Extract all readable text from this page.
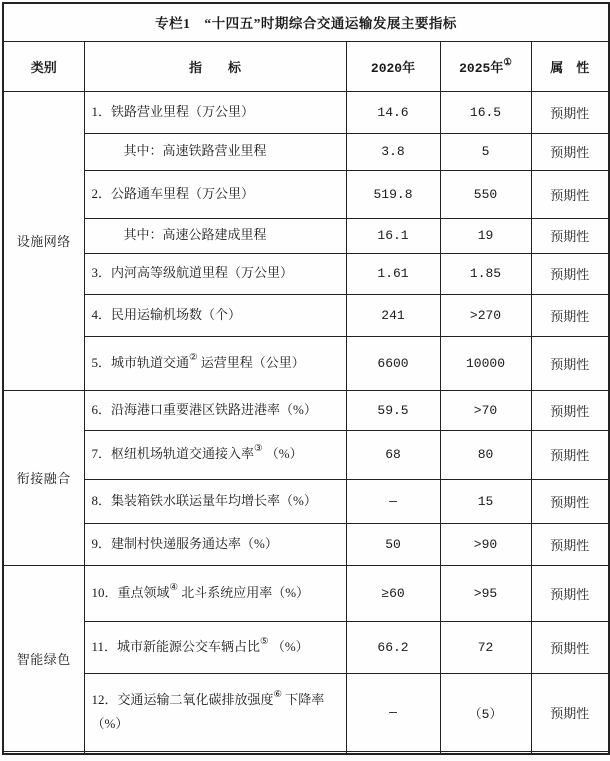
专栏1　“十四五”时期综合交通运输发展主要指标				
类别	指　　标	2020年	2025年①	属　性
设施网络	1．铁路营业里程（万公里）	14.6	16.5	预期性
	其中：高速铁路营业里程	3.8	5	预期性
	2．公路通车里程（万公里）	519.8	550	预期性
	其中：高速公路建成里程	16.1	19	预期性
	3．内河高等级航道里程（万公里）	1.61	1.85	预期性
	4．民用运输机场数（个）	241	>270	预期性
	5．城市轨道交通② 运营里程（公里）	6600	10000	预期性
衔接融合	6．沿海港口重要港区铁路进港率（%）	59.5	>70	预期性
	7．枢纽机场轨道交通接入率③ （%）	68	80	预期性
	8．集装箱铁水联运量年均增长率（%）	—	15	预期性
	9．建制村快递服务通达率（%）	50	>90	预期性
智能绿色	10．重点领域④ 北斗系统应用率（%）	≥60	>95	预期性
	11．城市新能源公交车辆占比⑤ （%）	66.2	72	预期性
	12．交通运输二氧化碳排放强度⑥ 下降率（%）	—	（5）	预期性
